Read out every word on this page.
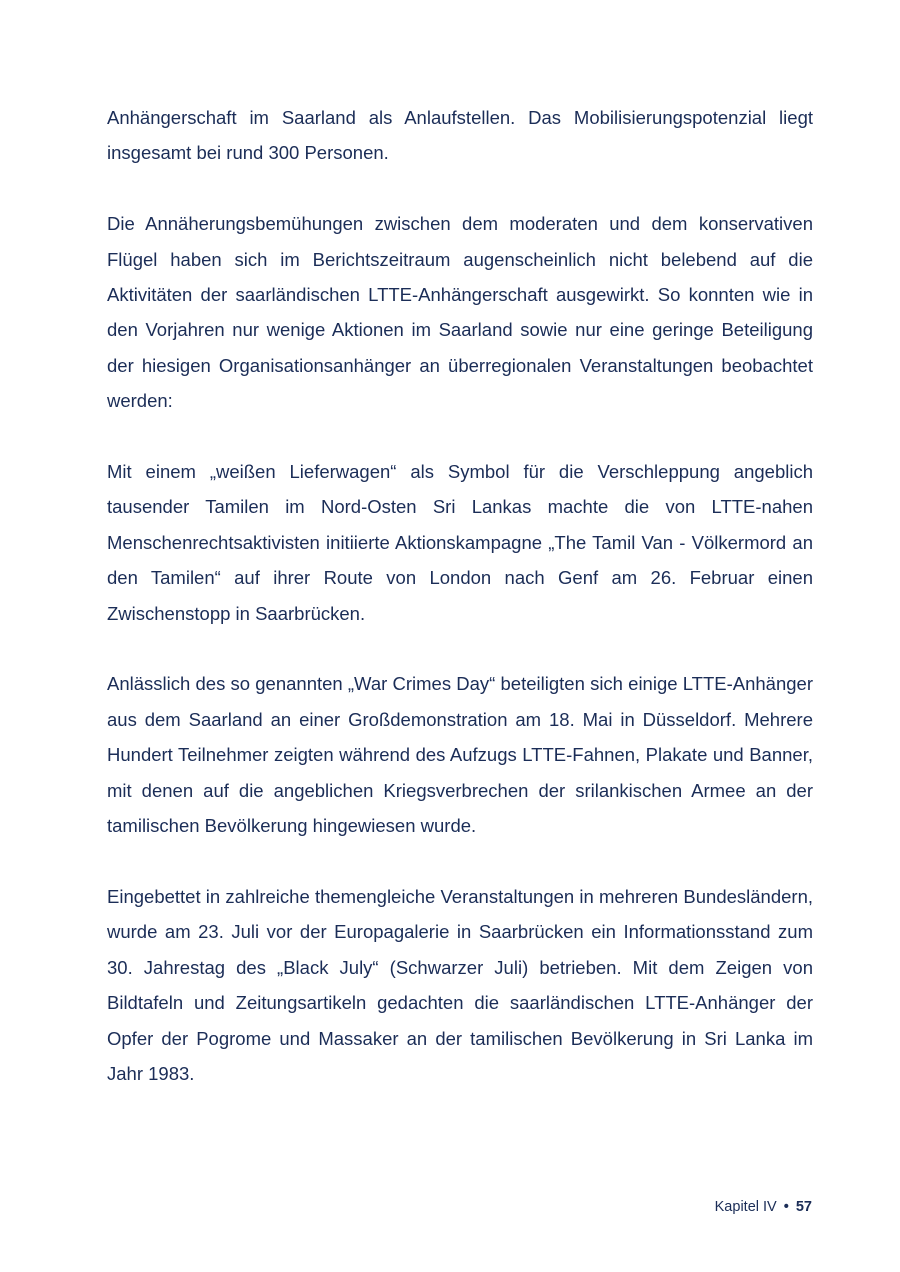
Anhängerschaft im Saarland als Anlaufstellen. Das Mobilisierungspotenzial liegt insgesamt bei rund 300 Personen.

Die Annäherungsbemühungen zwischen dem moderaten und dem konservativen Flügel haben sich im Berichtszeitraum augenscheinlich nicht belebend auf die Aktivitäten der saarländischen LTTE-Anhängerschaft ausgewirkt. So konnten wie in den Vorjahren nur wenige Aktionen im Saarland sowie nur eine geringe Beteiligung der hiesigen Organisationsanhänger an überregionalen Veranstaltungen beobachtet werden:

Mit einem „weißen Lieferwagen“ als Symbol für die Verschleppung angeblich tausender Tamilen im Nord-Osten Sri Lankas machte die von LTTE-nahen Menschenrechtsaktivisten initiierte Aktionskampagne „The Tamil Van - Völkermord an den Tamilen“ auf ihrer Route von London nach Genf am 26. Februar einen Zwischenstopp in Saarbrücken.

Anlässlich des so genannten „War Crimes Day“ beteiligten sich einige LTTE-Anhänger aus dem Saarland an einer Großdemonstration am 18. Mai in Düsseldorf. Mehrere Hundert Teilnehmer zeigten während des Aufzugs LTTE-Fahnen, Plakate und Banner, mit denen auf die angeblichen Kriegsverbrechen der srilankischen Armee an der tamilischen Bevölkerung hingewiesen wurde.

Eingebettet in zahlreiche themengleiche Veranstaltungen in mehreren Bundesländern, wurde am 23. Juli vor der Europagalerie in Saarbrücken ein Informationsstand zum 30. Jahrestag des „Black July“ (Schwarzer Juli) betrieben. Mit dem Zeigen von Bildtafeln und Zeitungsartikeln gedachten die saarländischen LTTE-Anhänger der Opfer der Pogrome und Massaker an der tamilischen Bevölkerung in Sri Lanka im Jahr 1983.

Kapitel IV • 57
